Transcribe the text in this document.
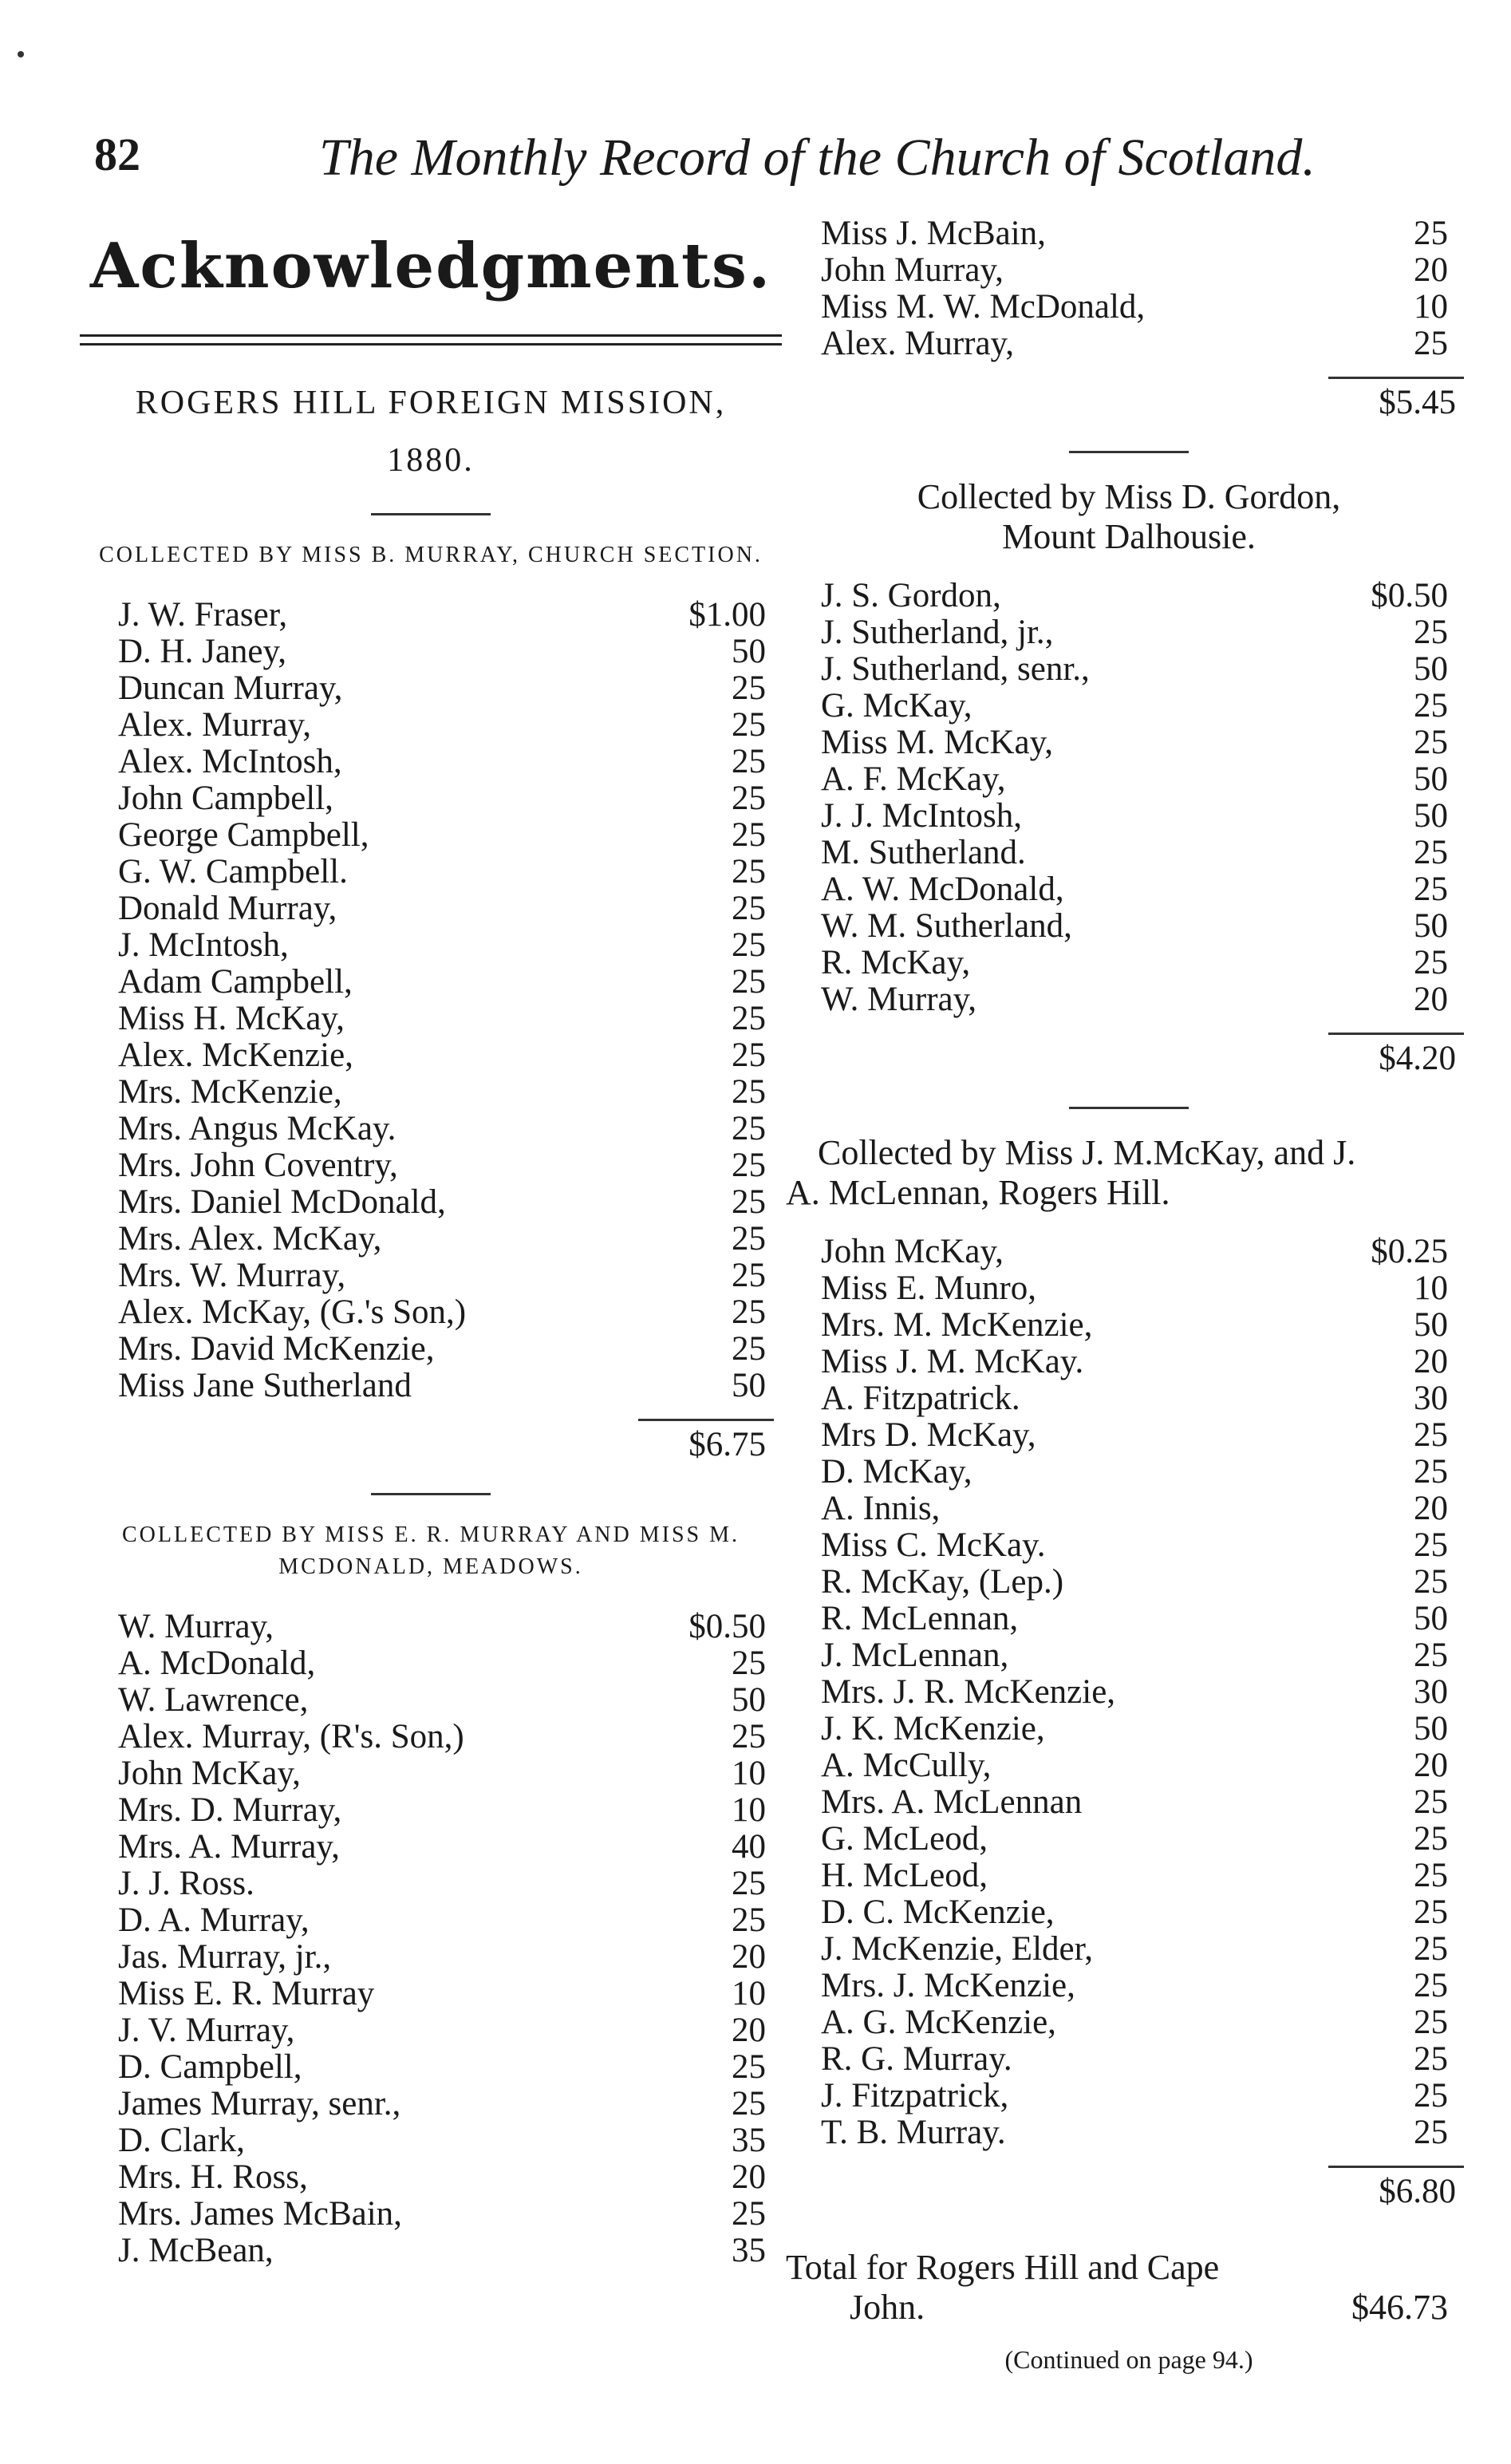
82	The Monthly Record of the Church of Scotland.
Acknowledgments.
ROGERS HILL FOREIGN MISSION,
1880.
COLLECTED BY MISS B. MURRAY, CHURCH SECTION.
J. W. Fraser,	$1.00
D. H. Janey,	50
Duncan Murray,	25
Alex. Murray,	25
Alex. McIntosh,	25
John Campbell,	25
George Campbell,	25
G. W. Campbell.	25
Donald Murray,	25
J. McIntosh,	25
Adam Campbell,	25
Miss H. McKay,	25
Alex. McKenzie,	25
Mrs. McKenzie,	25
Mrs. Angus McKay.	25
Mrs. John Coventry,	25
Mrs. Daniel McDonald,	25
Mrs. Alex. McKay,	25
Mrs. W. Murray,	25
Alex. McKay, (G.'s Son,)	25
Mrs. David McKenzie,	25
Miss Jane Sutherland	50
$6.75
COLLECTED BY MISS E. R. MURRAY AND MISS M. MCDONALD, MEADOWS.
W. Murray,	$0.50
A. McDonald,	25
W. Lawrence,	50
Alex. Murray, (R's. Son,)	25
John McKay,	10
Mrs. D. Murray,	10
Mrs. A. Murray,	40
J. J. Ross.	25
D. A. Murray,	25
Jas. Murray, jr.,	20
Miss E. R. Murray	10
J. V. Murray,	20
D. Campbell,	25
James Murray, senr.,	25
D. Clark,	35
Mrs. H. Ross,	20
Mrs. James McBain,	25
J. McBean,	35
Miss J. McBain,	25
John Murray,	20
Miss M. W. McDonald,	10
Alex. Murray,	25
$5.45
Collected by Miss D. Gordon,
Mount Dalhousie.
J. S. Gordon,	$0.50
J. Sutherland, jr.,	25
J. Sutherland, senr.,	50
G. McKay,	25
Miss M. McKay,	25
A. F. McKay,	50
J. J. McIntosh,	50
M. Sutherland.	25
A. W. McDonald,	25
W. M. Sutherland,	50
R. McKay,	25
W. Murray,	20
$4.20
Collected by Miss J. M.McKay, and J.
A. McLennan, Rogers Hill.
John McKay,	$0.25
Miss E. Munro,	10
Mrs. M. McKenzie,	50
Miss J. M. McKay.	20
A. Fitzpatrick.	30
Mrs D. McKay,	25
D. McKay,	25
A. Innis,	20
Miss C. McKay.	25
R. McKay, (Lep.)	25
R. McLennan,	50
J. McLennan,	25
Mrs. J. R. McKenzie,	30
J. K. McKenzie,	50
A. McCully,	20
Mrs. A. McLennan	25
G. McLeod,	25
H. McLeod,	25
D. C. McKenzie,	25
J. McKenzie, Elder,	25
Mrs. J. McKenzie,	25
A. G. McKenzie,	25
R. G. Murray.	25
J. Fitzpatrick,	25
T. B. Murray.	25
$6.80
Total for Rogers Hill and Cape
John.	$46.73
(Continued on page 94.)
